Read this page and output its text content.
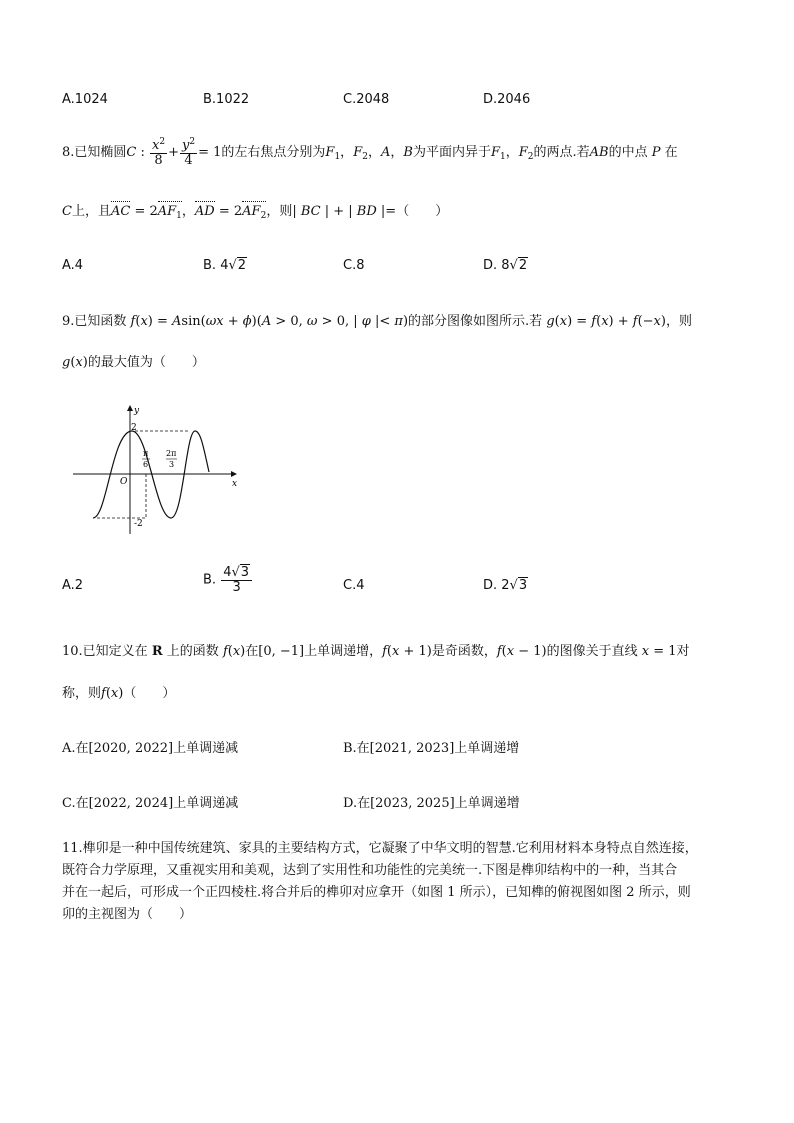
A.1024	B.1022	C.2048	D.2046
8.已知椭圆C : $\frac{x^2}{8} + \frac{y^2}{4} = 1$的左右焦点分别为$F_1$，$F_2$，A，B为平面内异于$F_1$，$F_2$的两点.若AB的中点 P 在
C上，且AC = $2AF_1$，AD = $2AF_2$，则| BC | + | BD |=（　　）
A.4	B. 4√2	C.8	D. 8√2
9.已知函数 f(x) = Asin(ωx + ϕ)(A > 0, ω > 0, | φ |< π)的部分图像如图所示.若 g(x) = f(x) + f(−x)，则
g(x)的最大值为（　　）
y
x
O
2
-2
π
6
2π
3
A.2	B. $\frac{4√3}{3}$	C.4	D. 2√3
10.已知定义在 R 上的函数 f(x)在[0, −1]上单调递增，f(x + 1)是奇函数，f(x − 1)的图像关于直线 x = 1对
称，则f(x)（　　）
A.在[2020, 2022]上单调递减	B.在[2021, 2023]上单调递增
C.在[2022, 2024]上单调递减	D.在[2023, 2025]上单调递增
11.榫卯是一种中国传统建筑、家具的主要结构方式，它凝聚了中华文明的智慧.它利用材料本身特点自然连接，
既符合力学原理，又重视实用和美观，达到了实用性和功能性的完美统一.下图是榫卯结构中的一种，当其合
并在一起后，可形成一个正四棱柱.将合并后的榫卯对应拿开（如图 1 所示），已知榫的俯视图如图 2 所示，则
卯的主视图为（　　）
